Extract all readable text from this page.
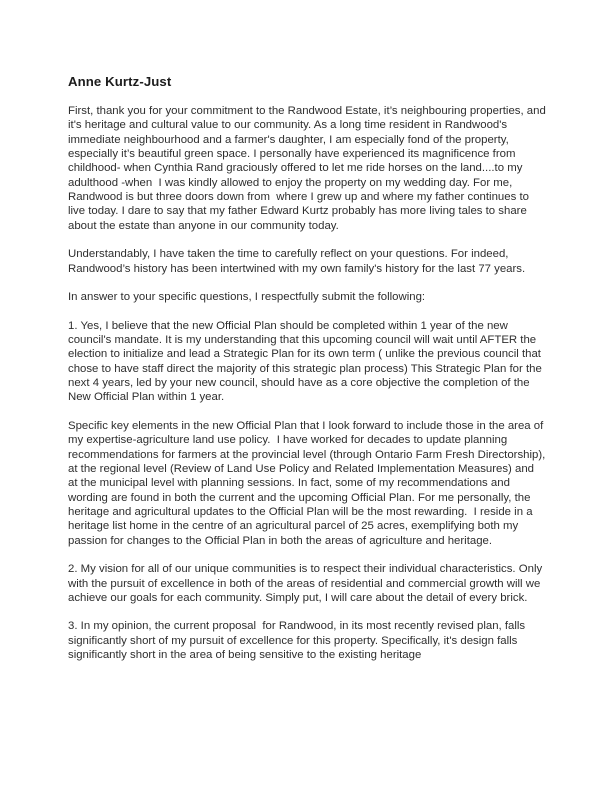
Anne Kurtz-Just

First, thank you for your commitment to the Randwood Estate, it’s neighbouring properties, and it's heritage and cultural value to our community. As a long time resident in Randwood's immediate neighbourhood and a farmer's daughter, I am especially fond of the property, especially it’s beautiful green space. I personally have experienced its magnificence from childhood- when Cynthia Rand graciously offered to let me ride horses on the land....to my adulthood -when  I was kindly allowed to enjoy the property on my wedding day. For me, Randwood is but three doors down from  where I grew up and where my father continues to live today. I dare to say that my father Edward Kurtz probably has more living tales to share about the estate than anyone in our community today.

Understandably, I have taken the time to carefully reflect on your questions. For indeed,  Randwood’s history has been intertwined with my own family's history for the last 77 years.

In answer to your specific questions, I respectfully submit the following:

1. Yes, I believe that the new Official Plan should be completed within 1 year of the new council's mandate. It is my understanding that this upcoming council will wait until AFTER the election to initialize and lead a Strategic Plan for its own term ( unlike the previous council that chose to have staff direct the majority of this strategic plan process) This Strategic Plan for the next 4 years, led by your new council, should have as a core objective the completion of the New Official Plan within 1 year.

Specific key elements in the new Official Plan that I look forward to include those in the area of my expertise-agriculture land use policy.  I have worked for decades to update planning recommendations for farmers at the provincial level (through Ontario Farm Fresh Directorship), at the regional level (Review of Land Use Policy and Related Implementation Measures) and at the municipal level with planning sessions. In fact, some of my recommendations and wording are found in both the current and the upcoming Official Plan. For me personally, the heritage and agricultural updates to the Official Plan will be the most rewarding.  I reside in a heritage list home in the centre of an agricultural parcel of 25 acres, exemplifying both my passion for changes to the Official Plan in both the areas of agriculture and heritage.

2. My vision for all of our unique communities is to respect their individual characteristics. Only with the pursuit of excellence in both of the areas of residential and commercial growth will we achieve our goals for each community. Simply put, I will care about the detail of every brick.

3. In my opinion, the current proposal  for Randwood, in its most recently revised plan, falls significantly short of my pursuit of excellence for this property. Specifically, it's design falls significantly short in the area of being sensitive to the existing heritage
